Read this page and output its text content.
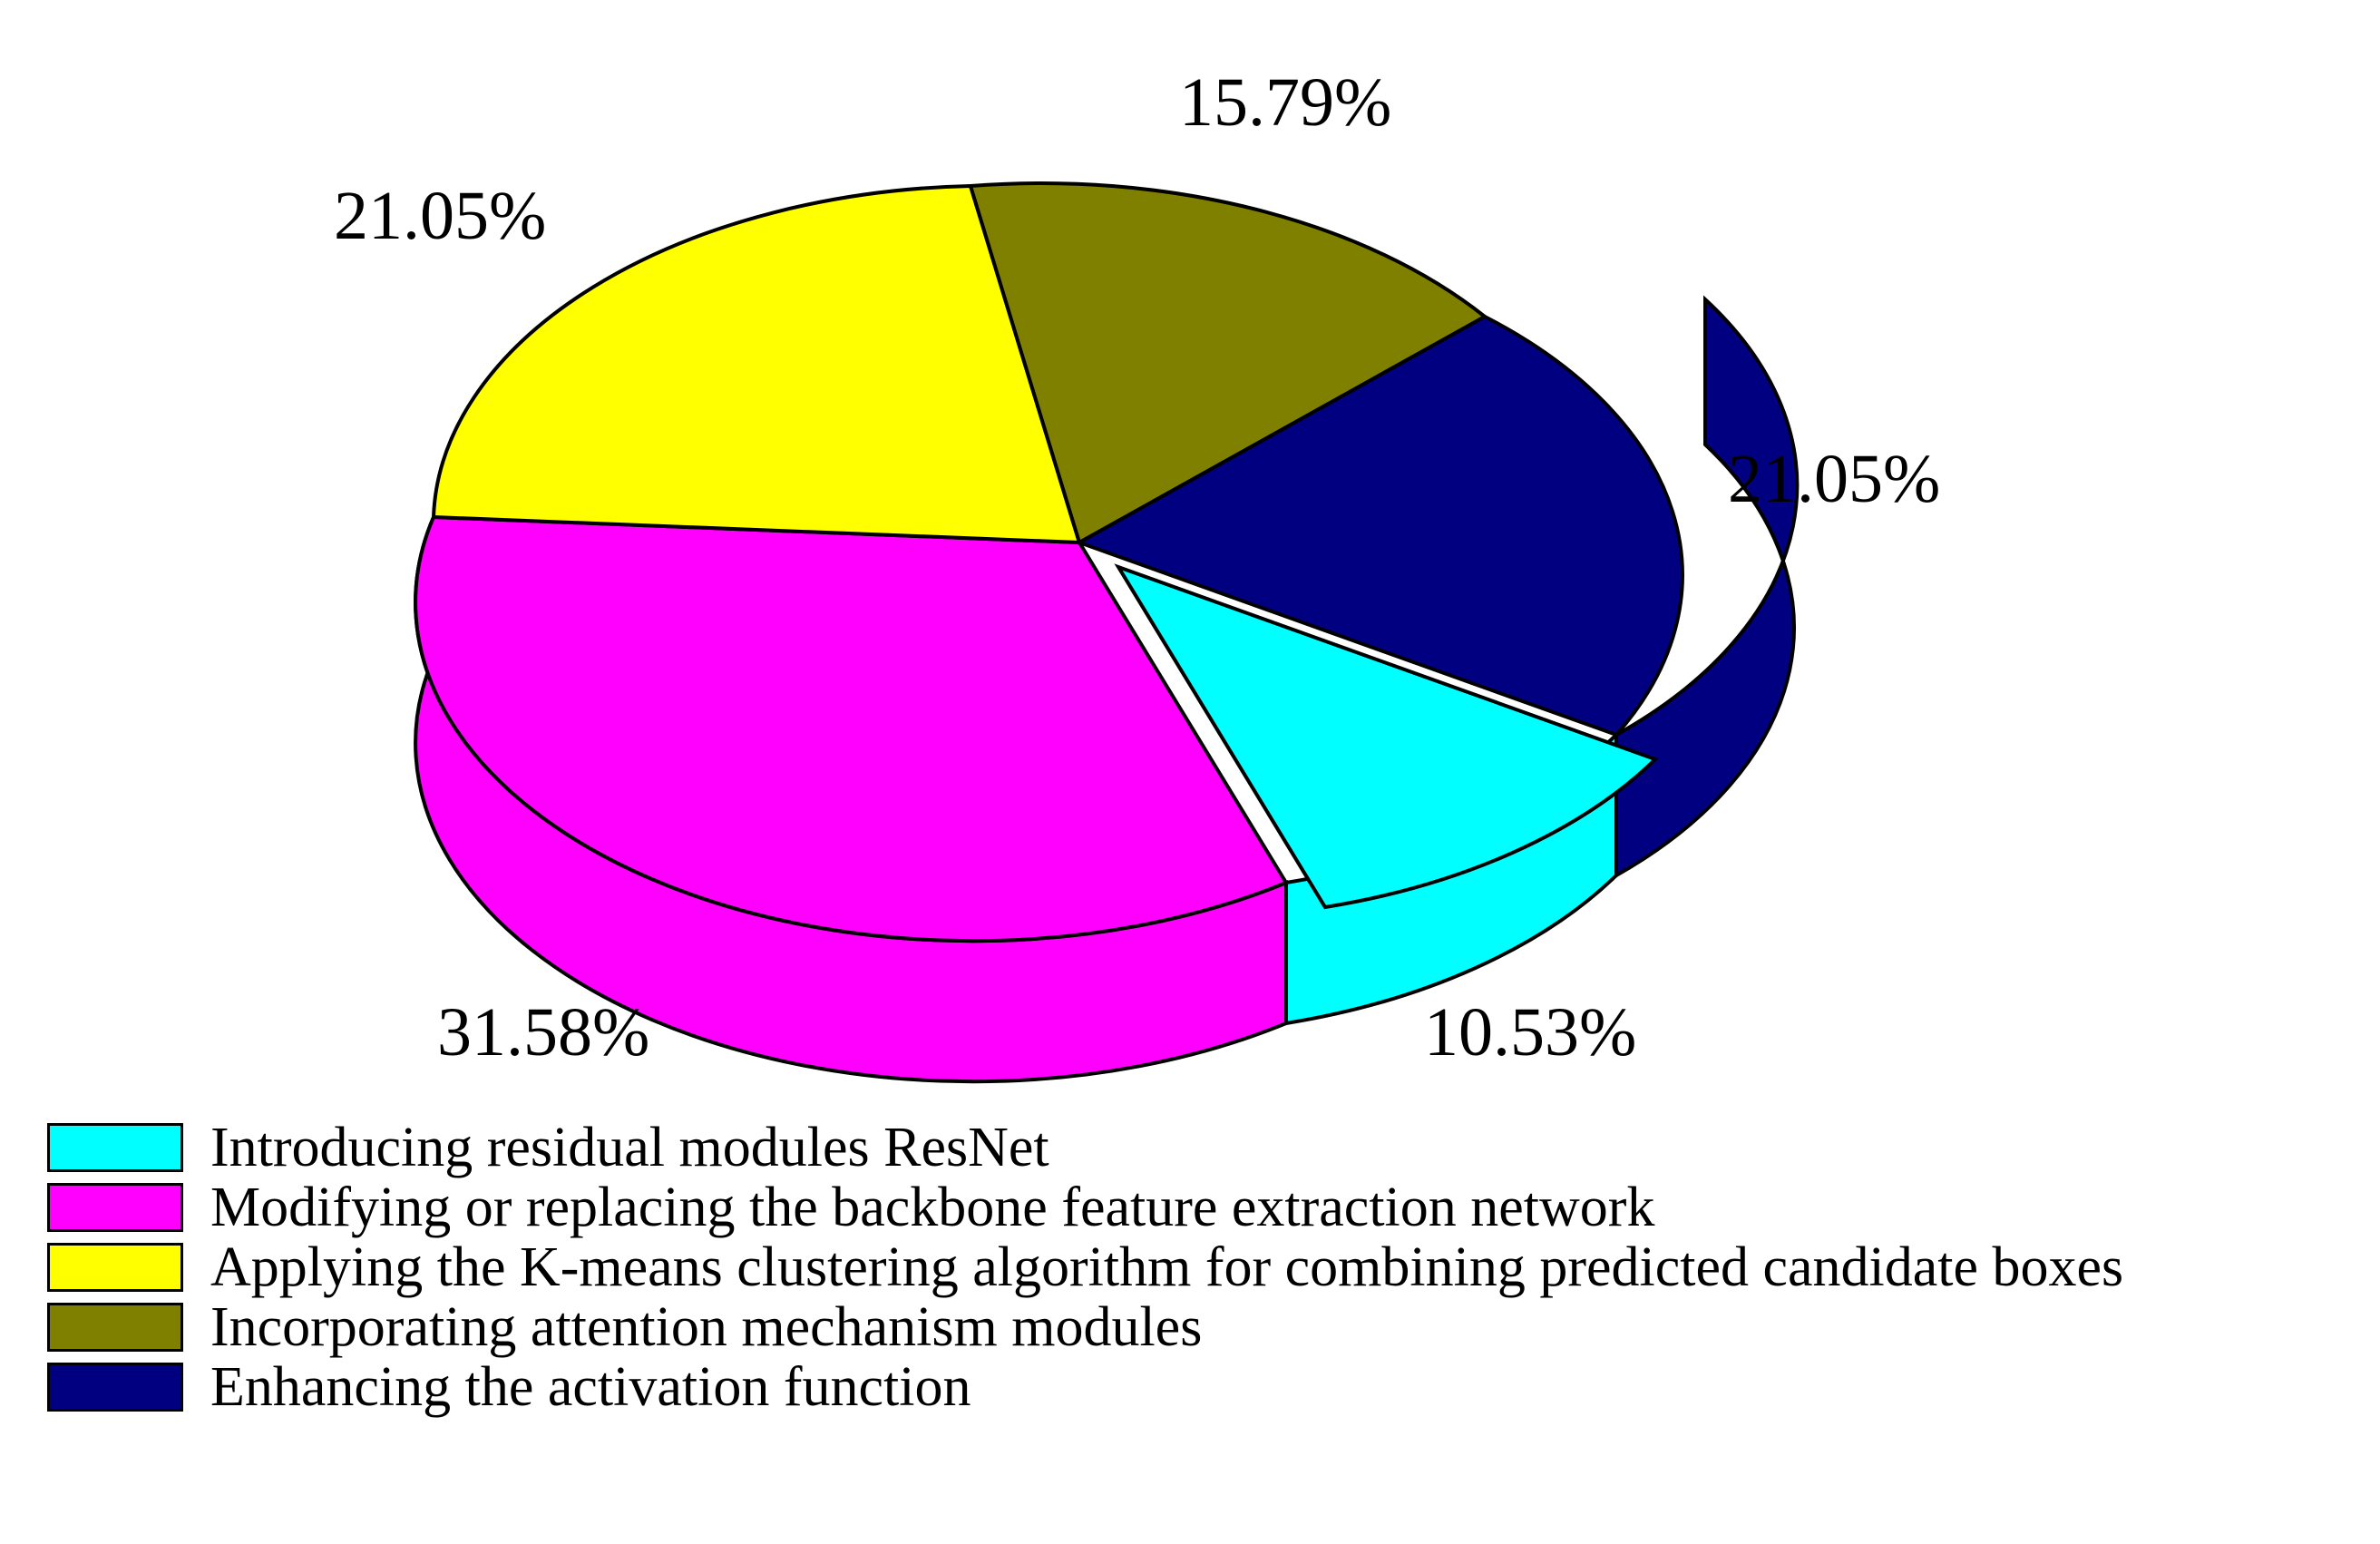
10.53%
31.58%
21.05%
15.79%
21.05%
Introducing residual modules ResNet
Modifying or replacing the backbone feature extraction network
Applying the K-means clustering algorithm for combining predicted candidate boxes
Incorporating attention mechanism modules
Enhancing the activation function
